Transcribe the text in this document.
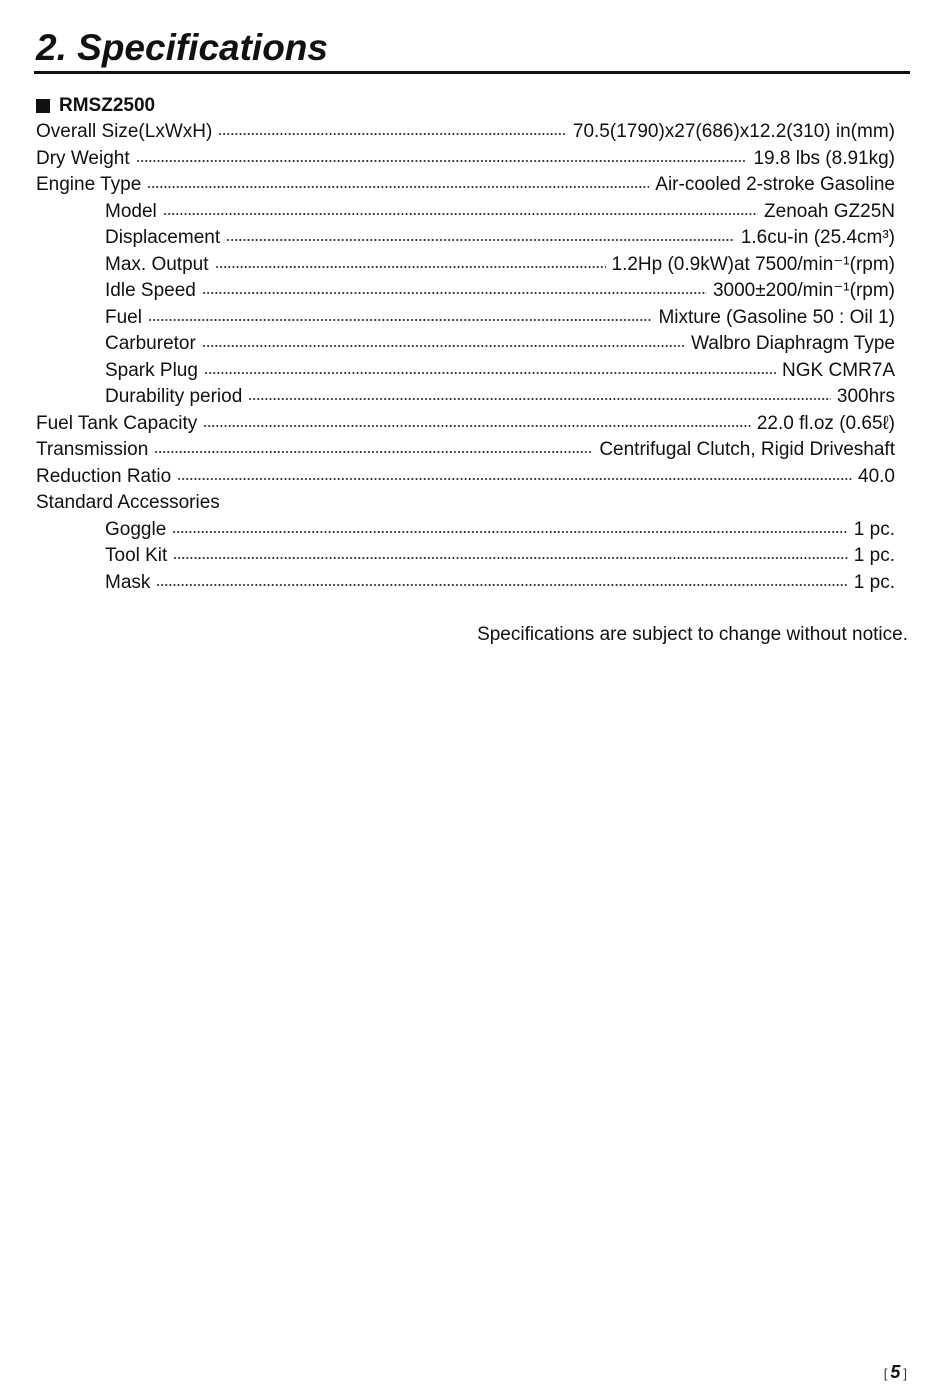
2. Specifications
RMSZ2500
Overall Size(LxWxH)	70.5(1790)x27(686)x12.2(310) in(mm)
Dry Weight	19.8 lbs (8.91kg)
Engine Type	Air-cooled 2-stroke Gasoline
Model	Zenoah GZ25N
Displacement	1.6cu-in (25.4cm³)
Max. Output	1.2Hp (0.9kW)at 7500/min⁻¹(rpm)
Idle Speed	3000±200/min⁻¹(rpm)
Fuel	Mixture (Gasoline 50 : Oil 1)
Carburetor	Walbro Diaphragm Type
Spark Plug	NGK CMR7A
Durability period	300hrs
Fuel Tank Capacity	22.0 fl.oz (0.65ℓ)
Transmission	Centrifugal Clutch, Rigid Driveshaft
Reduction Ratio	40.0
Standard Accessories
Goggle	1 pc.
Tool Kit	1 pc.
Mask	1 pc.
Specifications are subject to change without notice.
[ 5 ]
